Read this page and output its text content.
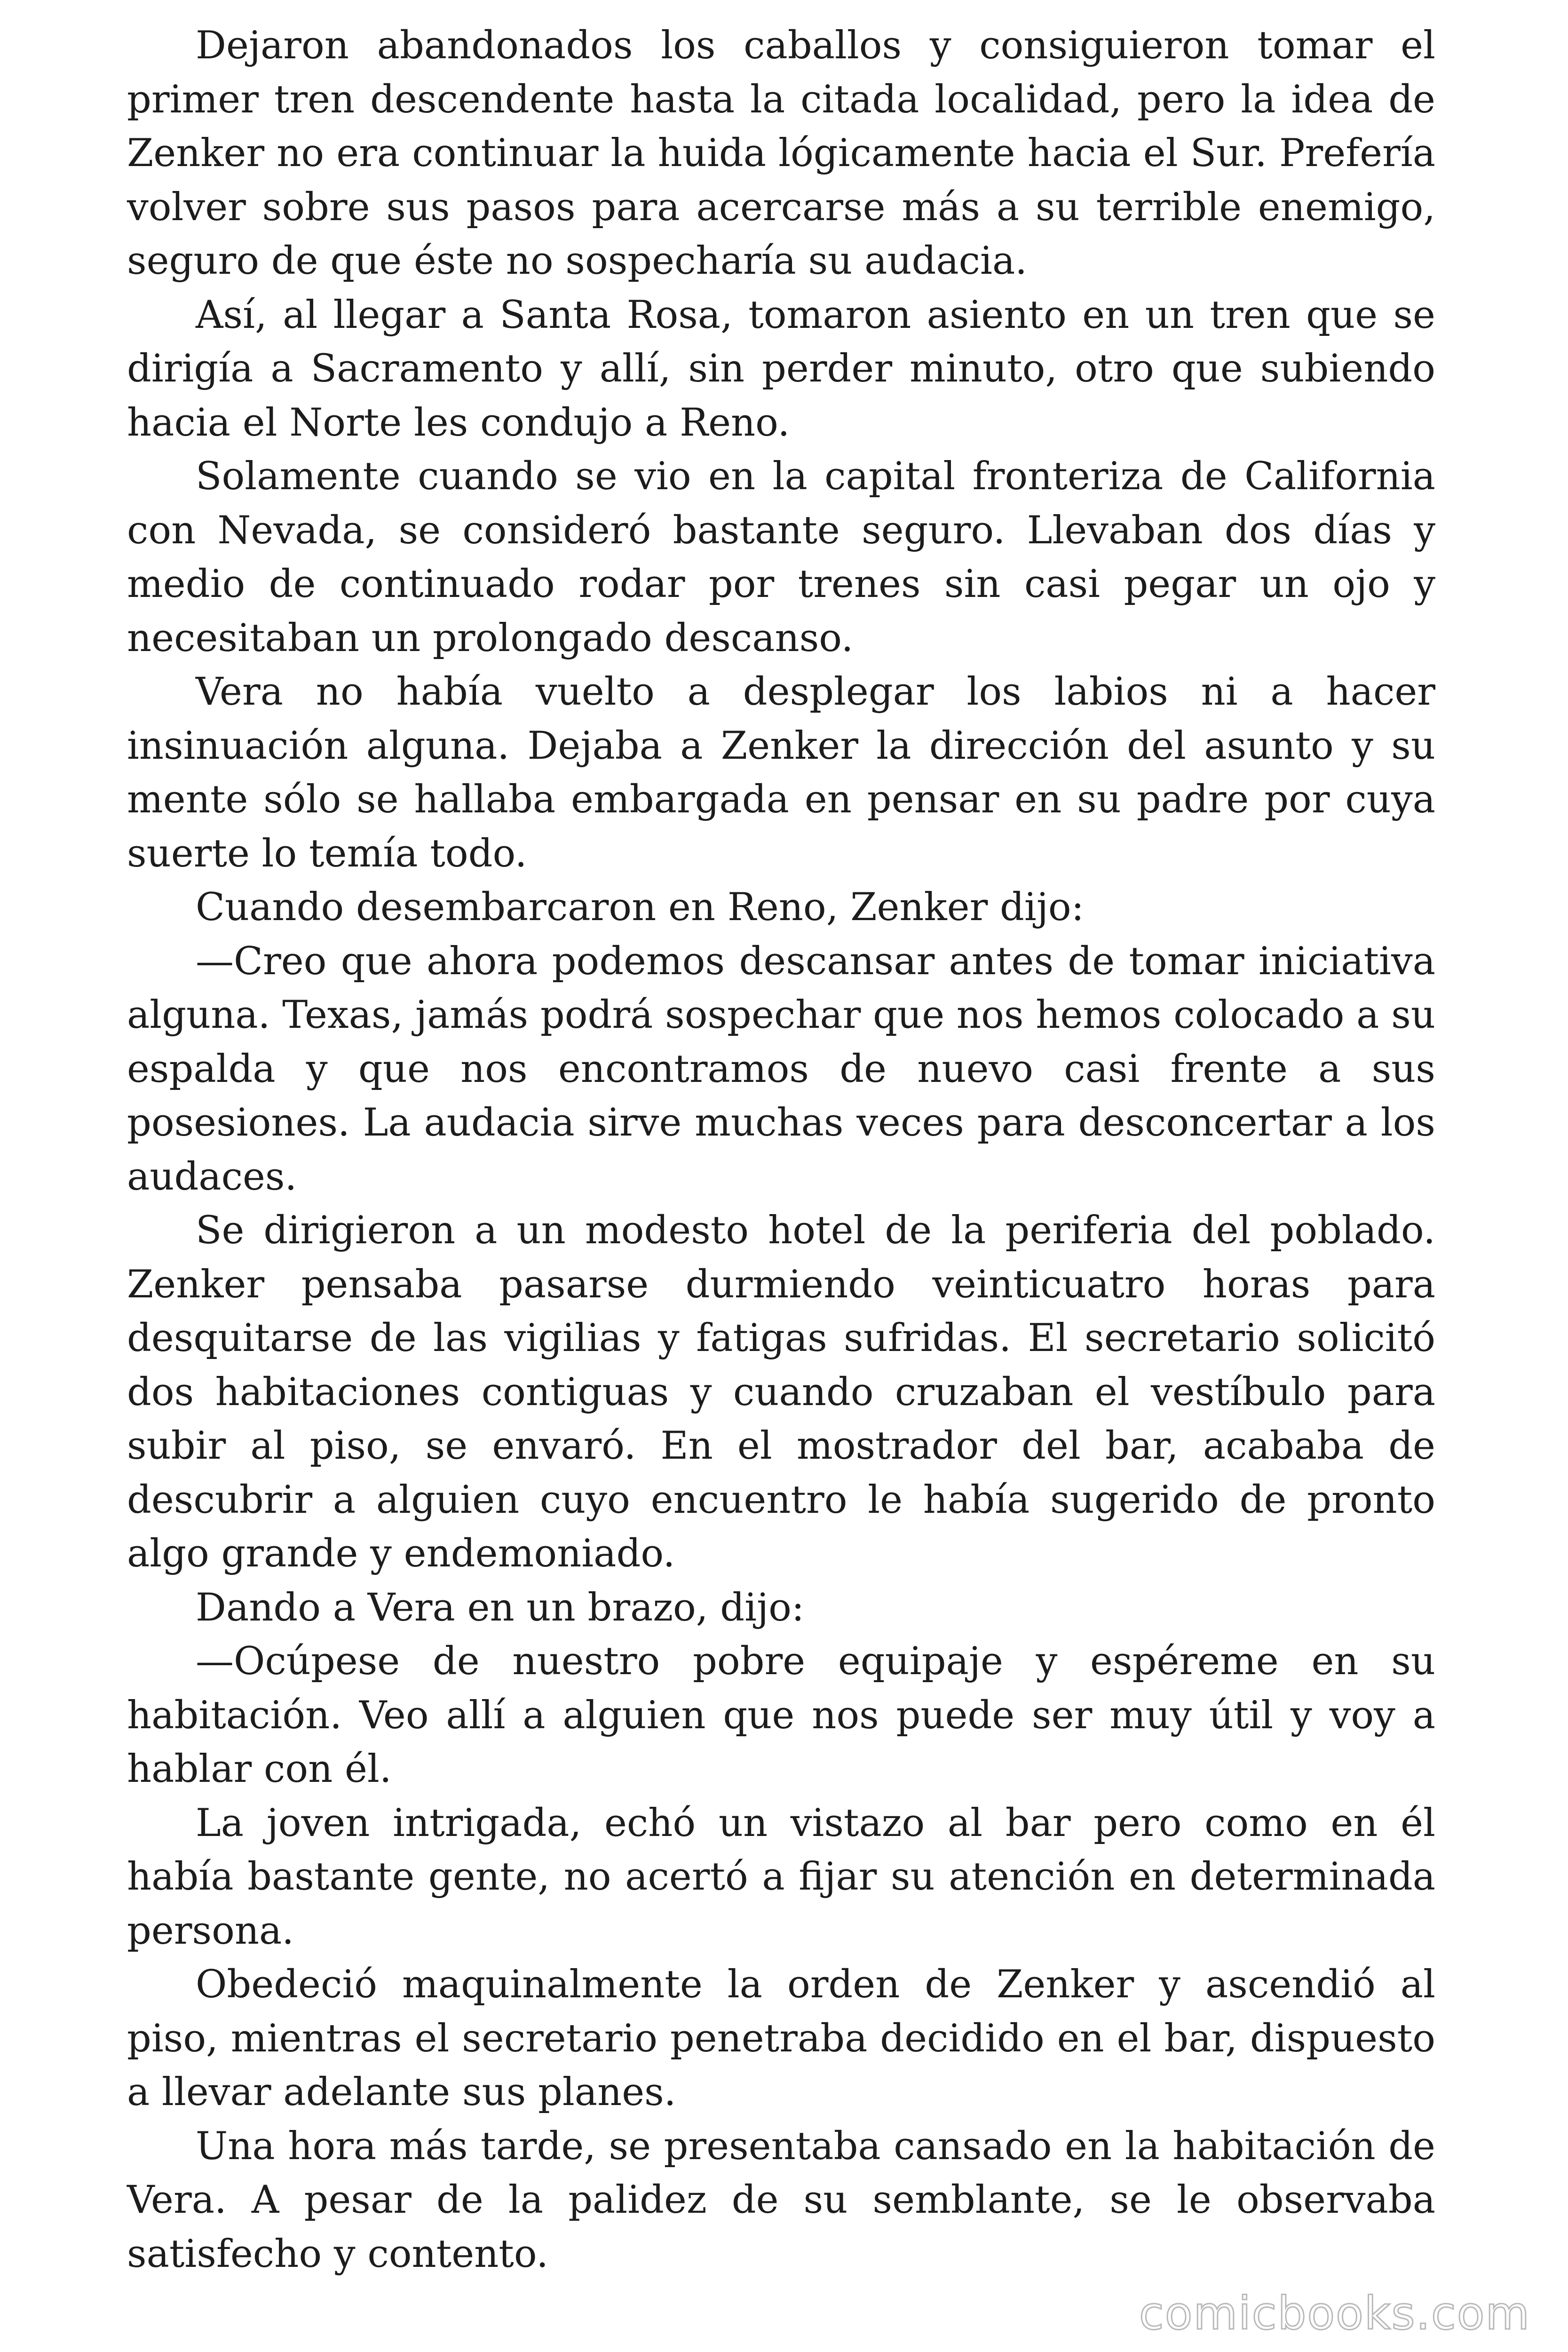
Dejaron abandonados los caballos y consiguieron tomar el primer tren descendente hasta la citada localidad, pero la idea de Zenker no era continuar la huida lógicamente hacia el Sur. Prefería volver sobre sus pasos para acercarse más a su terrible enemigo, seguro de que éste no sospecharía su audacia.

Así, al llegar a Santa Rosa, tomaron asiento en un tren que se dirigía a Sacramento y allí, sin perder minuto, otro que subiendo hacia el Norte les condujo a Reno.

Solamente cuando se vio en la capital fronteriza de California con Nevada, se consideró bastante seguro. Llevaban dos días y medio de continuado rodar por trenes sin casi pegar un ojo y necesitaban un prolongado descanso.

Vera no había vuelto a desplegar los labios ni a hacer insinuación alguna. Dejaba a Zenker la dirección del asunto y su mente sólo se hallaba embargada en pensar en su padre por cuya suerte lo temía todo.

Cuando desembarcaron en Reno, Zenker dijo:

—Creo que ahora podemos descansar antes de tomar iniciativa alguna. Texas, jamás podrá sospechar que nos hemos colocado a su espalda y que nos encontramos de nuevo casi frente a sus posesiones. La audacia sirve muchas veces para desconcertar a los audaces.

Se dirigieron a un modesto hotel de la periferia del poblado. Zenker pensaba pasarse durmiendo veinticuatro horas para desquitarse de las vigilias y fatigas sufridas. El secretario solicitó dos habitaciones contiguas y cuando cruzaban el vestíbulo para subir al piso, se envaró. En el mostrador del bar, acababa de descubrir a alguien cuyo encuentro le había sugerido de pronto algo grande y endemoniado.

Dando a Vera en un brazo, dijo:

—Ocúpese de nuestro pobre equipaje y espéreme en su habitación. Veo allí a alguien que nos puede ser muy útil y voy a hablar con él.

La joven intrigada, echó un vistazo al bar pero como en él había bastante gente, no acertó a fijar su atención en determinada persona.

Obedeció maquinalmente la orden de Zenker y ascendió al piso, mientras el secretario penetraba decidido en el bar, dispuesto a llevar adelante sus planes.

Una hora más tarde, se presentaba cansado en la habitación de Vera. A pesar de la palidez de su semblante, se le observaba satisfecho y contento.

comicbooks.com
